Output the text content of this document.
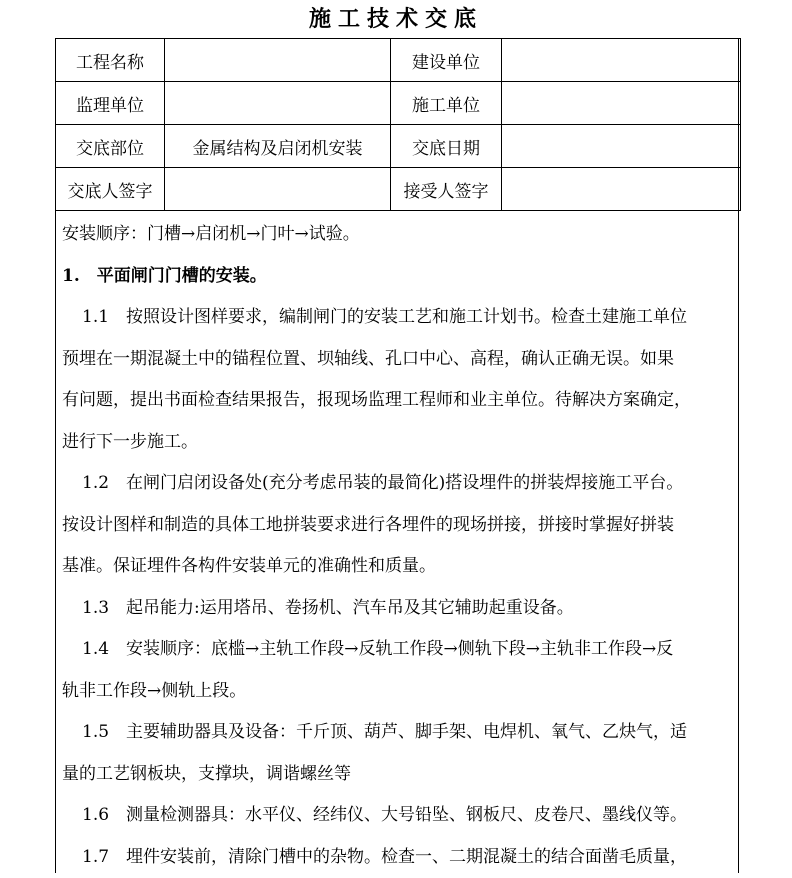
施工技术交底
工程名称		建设单位	
监理单位		施工单位	
交底部位	金属结构及启闭机安装	交底日期	
交底人签字		接受人签字	

安装顺序：门槽→启闭机→门叶→试验。

1.　平面闸门门槽的安装。

1.1 按照设计图样要求，编制闸门的安装工艺和施工计划书。检查土建施工单位
预埋在一期混凝土中的锚程位置、坝轴线、孔口中心、高程，确认正确无误。如果
有问题，提出书面检查结果报告，报现场监理工程师和业主单位。待解决方案确定，
进行下一步施工。

1.2 在闸门启闭设备处(充分考虑吊装的最简化)搭设埋件的拼装焊接施工平台。
按设计图样和制造的具体工地拼装要求进行各埋件的现场拼接，拼接时掌握好拼装
基准。保证埋件各构件安装单元的准确性和质量。

1.3 起吊能力:运用塔吊、卷扬机、汽车吊及其它辅助起重设备。

1.4 安装顺序：底槛→主轨工作段→反轨工作段→侧轨下段→主轨非工作段→反
轨非工作段→侧轨上段。

1.5 主要辅助器具及设备：千斤顶、葫芦、脚手架、电焊机、氧气、乙炔气，适
量的工艺钢板块，支撑块，调谐螺丝等

1.6 测量检测器具：水平仪、经纬仪、大号铅坠、钢板尺、皮卷尺、墨线仪等。

1.7 埋件安装前，清除门槽中的杂物。检查一、二期混凝土的结合面凿毛质量，
